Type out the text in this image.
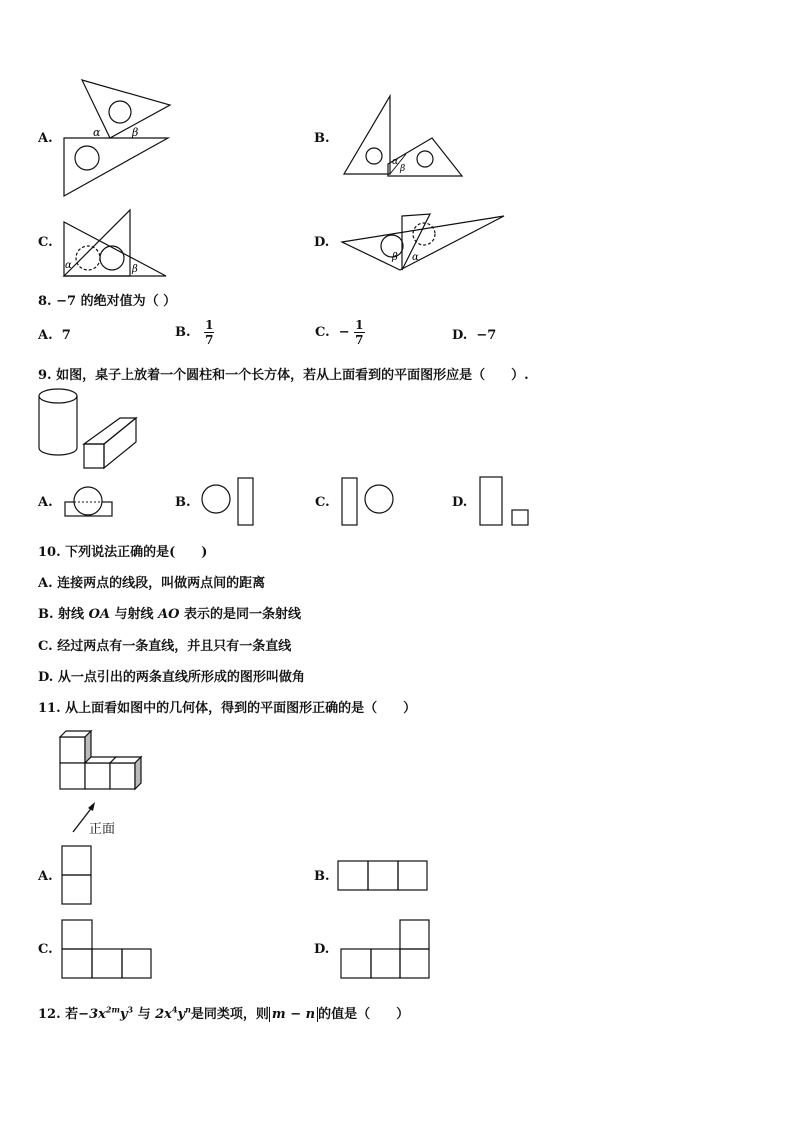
A.	α	β	B.
α
β
C.
α	β
D.
β α
8. −7 的绝对值为（ ）
A. 7	B. $\frac{1}{7}$	C. − $\frac{1}{7}$	D. −7
9. 如图，桌子上放着一个圆柱和一个长方体，若从上面看到的平面图形应是（　　）.
A.	B.	C.	D.
10. 下列说法正确的是(　　)
A. 连接两点的线段，叫做两点间的距离
B. 射线 OA 与射线 AO 表示的是同一条射线
C. 经过两点有一条直线，并且只有一条直线
D. 从一点引出的两条直线所形成的图形叫做角
11. 从上面看如图中的几何体，得到的平面图形正确的是（　　）
正面
A.	B.
C.	D.
12. 若$-3x^{2m}y^3$ 与 $2x^4y^n$是同类项，则 m − n 的值是（　　）
